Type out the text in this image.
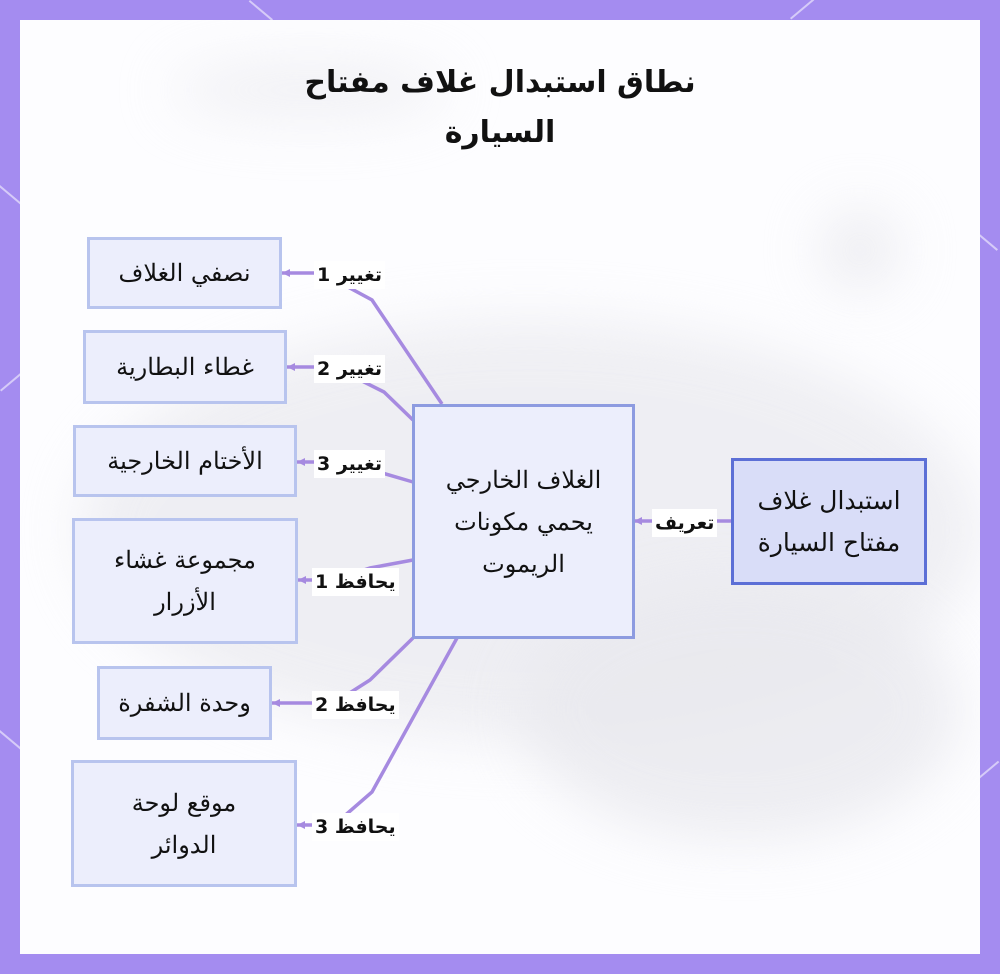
نطاق استبدال غلاف مفتاح
السيارة
استبدال غلاف مفتاح السيارة
الغلاف الخارجي يحمي مكونات الريموت
نصفي الغلاف
غطاء البطارية
الأختام الخارجية
مجموعة غشاء الأزرار
وحدة الشفرة
موقع لوحة الدوائر
تعريف
تغيير 1
تغيير 2
تغيير 3
يحافظ 1
يحافظ 2
يحافظ 3
